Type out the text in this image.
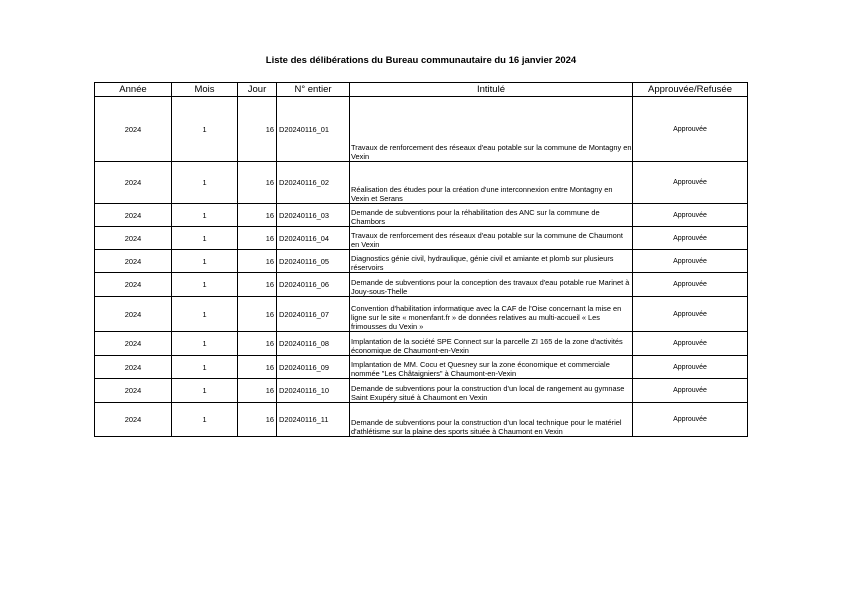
Liste des délibérations du Bureau communautaire du 16 janvier 2024
Année	Mois	Jour	N° entier	Intitulé	Approuvée/Refusée
2024	1	16	D20240116_01	Travaux de renforcement des réseaux d'eau potable sur la commune de Montagny en Vexin	Approuvée
2024	1	16	D20240116_02	Réalisation des études pour la création d'une interconnexion entre Montagny en Vexin et Serans	Approuvée
2024	1	16	D20240116_03	Demande de subventions pour la réhabilitation des ANC sur la commune de Chambors	Approuvée
2024	1	16	D20240116_04	Travaux de renforcement des réseaux d'eau potable sur la commune de Chaumont en Vexin	Approuvée
2024	1	16	D20240116_05	Diagnostics génie civil, hydraulique, génie civil et amiante et plomb sur plusieurs réservoirs	Approuvée
2024	1	16	D20240116_06	Demande de subventions pour la conception des travaux d'eau potable rue Marinet à Jouy-sous-Thelle	Approuvée
2024	1	16	D20240116_07	Convention d'habilitation informatique avec la CAF de l'Oise concernant la mise en ligne sur le site « monenfant.fr » de données relatives au multi-accueil « Les frimousses du Vexin »	Approuvée
2024	1	16	D20240116_08	Implantation de la société SPE Connect sur la parcelle ZI 165 de la zone d'activités économique de Chaumont-en-Vexin	Approuvée
2024	1	16	D20240116_09	Implantation de MM. Cocu et Quesney sur la zone économique et commerciale nommée "Les Châtaigniers" à Chaumont-en-Vexin	Approuvée
2024	1	16	D20240116_10	Demande de subventions pour la construction d'un local de rangement au gymnase Saint Exupéry situé à Chaumont en Vexin	Approuvée
2024	1	16	D20240116_11	Demande de subventions pour la construction d'un local technique pour le matériel d'athlétisme sur la plaine des sports située à Chaumont en Vexin	Approuvée
